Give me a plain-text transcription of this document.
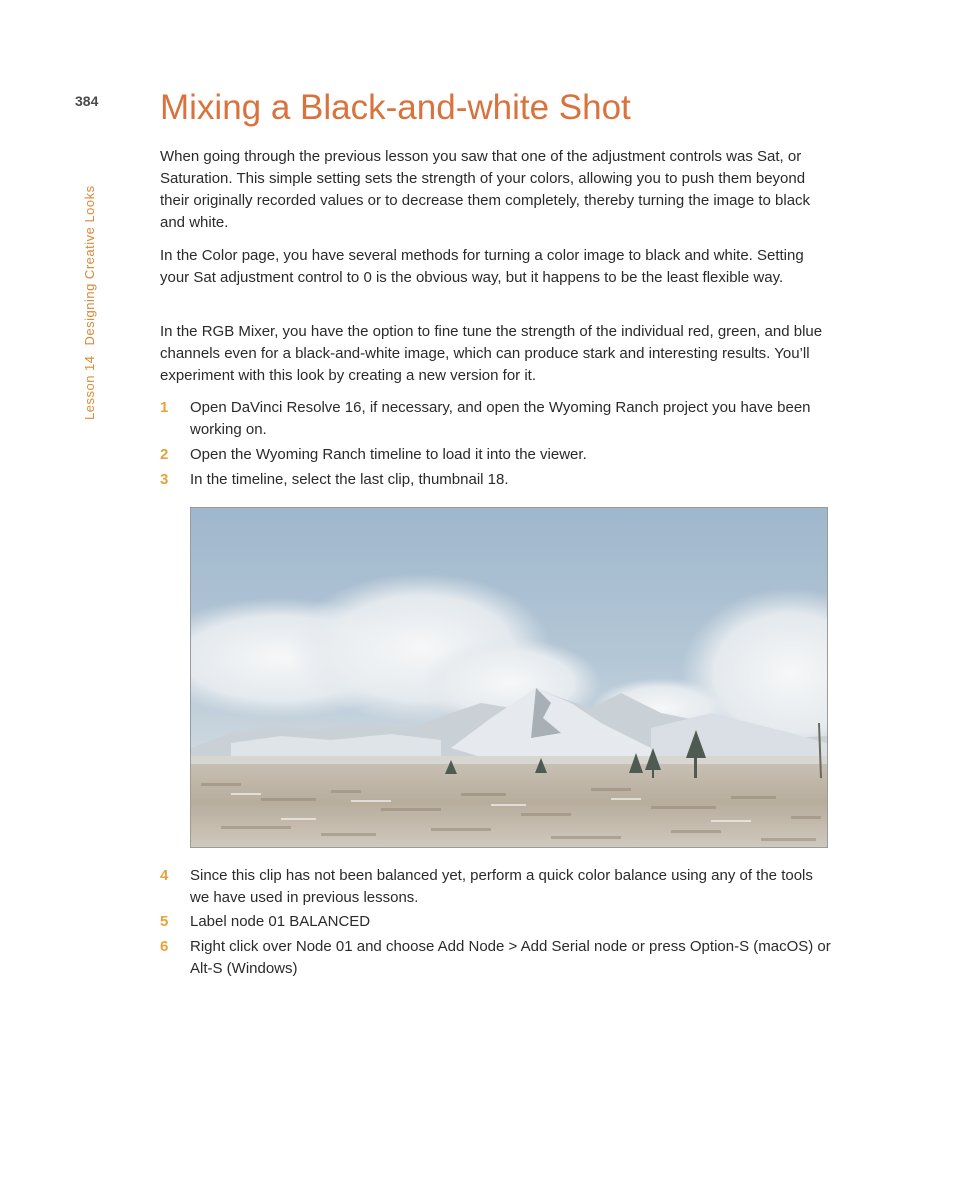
384
Lesson 14Designing Creative Looks
Mixing a Black-and-white Shot

When going through the previous lesson you saw that one of the adjustment controls was Sat, or Saturation. This simple setting sets the strength of your colors, allowing you to push them beyond their originally recorded values or to decrease them completely, thereby turning the image to black and white.

In the Color page, you have several methods for turning a color image to black and white. Setting your Sat adjustment control to 0 is the obvious way, but it happens to be the least flexible way.

In the RGB Mixer, you have the option to fine tune the strength of the individual red, green, and blue channels even for a black-and-white image, which can produce stark and interesting results. You’ll experiment with this look by creating a new version for it.

1	Open DaVinci Resolve 16, if necessary, and open the Wyoming Ranch project you have been working on.
2	Open the Wyoming Ranch timeline to load it into the viewer.
3	In the timeline, select the last clip, thumbnail 18.
4	Since this clip has not been balanced yet, perform a quick color balance using any of the tools we have used in previous lessons.
5	Label node 01 BALANCED
6	Right click over Node 01 and choose Add Node > Add Serial node or press Option-S (macOS) or Alt-S (Windows)
